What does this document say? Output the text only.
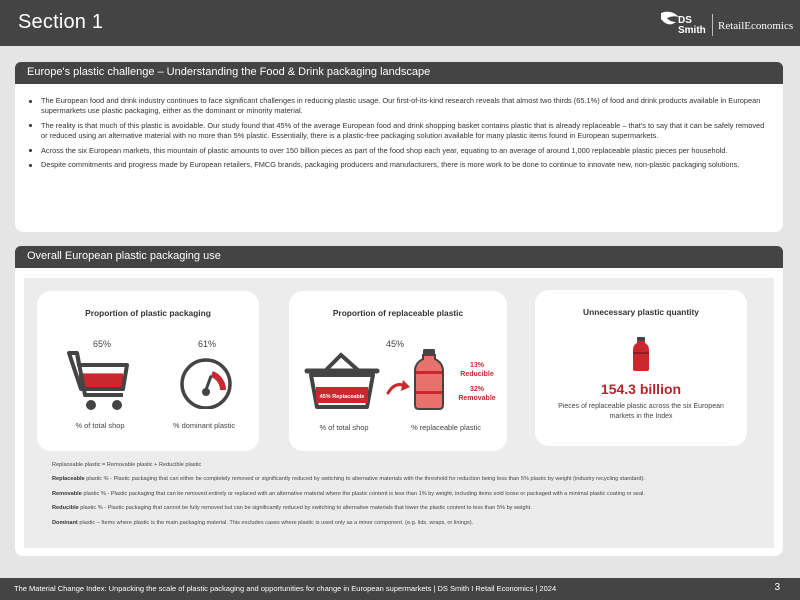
Section 1	DS
Smith RetailEconomics
Europe's plastic challenge – Understanding the Food & Drink packaging landscape
The European food and drink industry continues to face significant challenges in reducing plastic usage. Our first-of-its-kind research reveals that almost two thirds (65.1%) of food and drink products available in European supermarkets use plastic packaging, either as the dominant or minority material.
The reality is that much of this plastic is avoidable. Our study found that 45% of the average European food and drink shopping basket contains plastic that is already replaceable – that's to say that it can be safely removed or reduced using an alternative material with no more than 5% plastic. Essentially, there is a plastic-free packaging solution available for many plastic items found in European supermarkets.
Across the six European markets, this mountain of plastic amounts to over 150 billion pieces as part of the food shop each year, equating to an average of around 1,000 replaceable plastic pieces per household.
Despite commitments and progress made by European retailers, FMCG brands, packaging producers and manufacturers, there is more work to be done to continue to innovate new, non-plastic packaging solutions.
Overall European plastic packaging use
Proportion of plastic packaging
65%	61%
% of total shop	% dominant plastic
Proportion of replaceable plastic
45%
45% Replaceable
13%
Reducible
32%
Removable
% of total shop	% replaceable plastic
Unnecessary plastic quantity
154.3 billion
Pieces of replaceable plastic across the six European markets in the Index

Replaceable plastic = Removable plastic + Reducible plastic

Replaceable plastic % - Plastic packaging that can either be completely removed or significantly reduced by switching to alternative materials with the threshold for reduction being less than 5% plastic by weight (industry recycling standard).

Removable plastic % - Plastic packaging that can be removed entirely or replaced with an alternative material where the plastic content is less than 1% by weight, including items sold loose or packaged with a minimal plastic coating or seal.

Reducible plastic % - Plastic packaging that cannot be fully removed but can be significantly reduced by switching to alternative materials that lower the plastic content to less than 5% by weight.

Dominant plastic – Items where plastic is the main packaging material. This excludes cases where plastic is used only as a minor component. (e.g. lids, wraps, or linings).

The Material Change Index: Unpacking the scale of plastic packaging and opportunities for change in European supermarkets | DS Smith I Retail Economics | 2024	3
